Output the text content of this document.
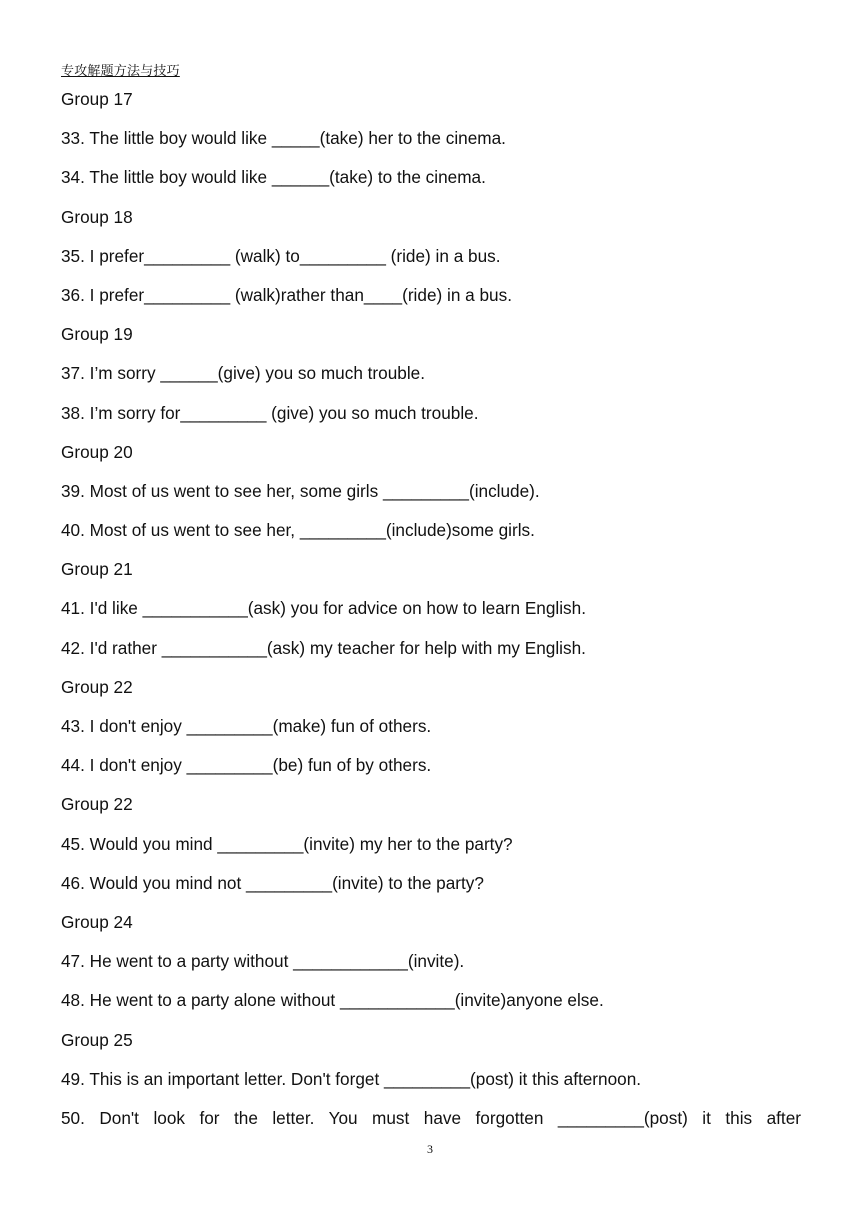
专攻解题方法与技巧
Group 17
33. The little boy would like _____(take) her to the cinema.
34. The little boy would like ______(take) to the cinema.
Group 18
35. I prefer_________ (walk) to_________ (ride) in a bus.
36. I prefer_________ (walk)rather than____(ride) in a bus.
Group 19
37. I’m sorry ______(give) you so much trouble.
38. I’m sorry for_________ (give) you so much trouble.
Group 20
39. Most of us went to see her, some girls _________(include).
40. Most of us went to see her, _________(include)some girls.
Group 21
41. I'd like ___________(ask) you for advice on how to learn English.
42. I'd rather ___________(ask) my teacher for help with my English.
Group 22
43. I don't enjoy _________(make) fun of others.
44. I don't enjoy _________(be) fun of by others.
Group 22
45. Would you mind _________(invite) my her to the party?
46. Would you mind not _________(invite) to the party?
Group 24
47. He went to a party without ____________(invite).
48. He went to a party alone without ____________(invite)anyone else.
Group 25
49. This is an important letter. Don't forget _________(post) it this afternoon.
50. Don't look for the letter. You must have forgotten _________(post) it this after
3
